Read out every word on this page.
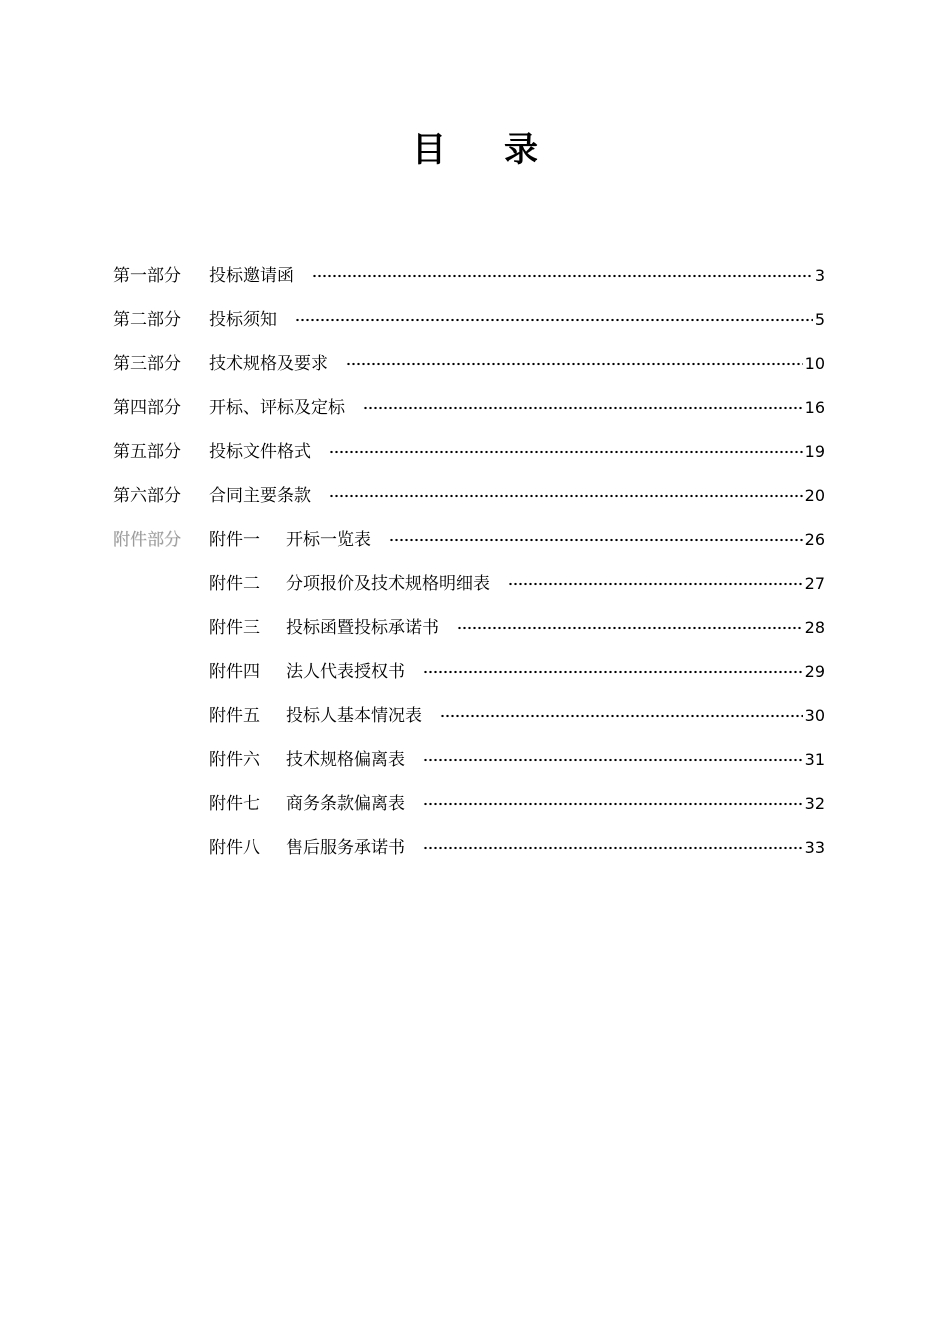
目 录
第一部分	投标邀请函	3
第二部分	投标须知	5
第三部分	技术规格及要求	10
第四部分	开标、评标及定标	16
第五部分	投标文件格式	19
第六部分	合同主要条款	20
附件部分	附件一 开标一览表	26
附件二 分项报价及技术规格明细表	27
附件三 投标函暨投标承诺书	28
附件四 法人代表授权书	29
附件五 投标人基本情况表	30
附件六 技术规格偏离表	31
附件七 商务条款偏离表	32
附件八 售后服务承诺书	33
